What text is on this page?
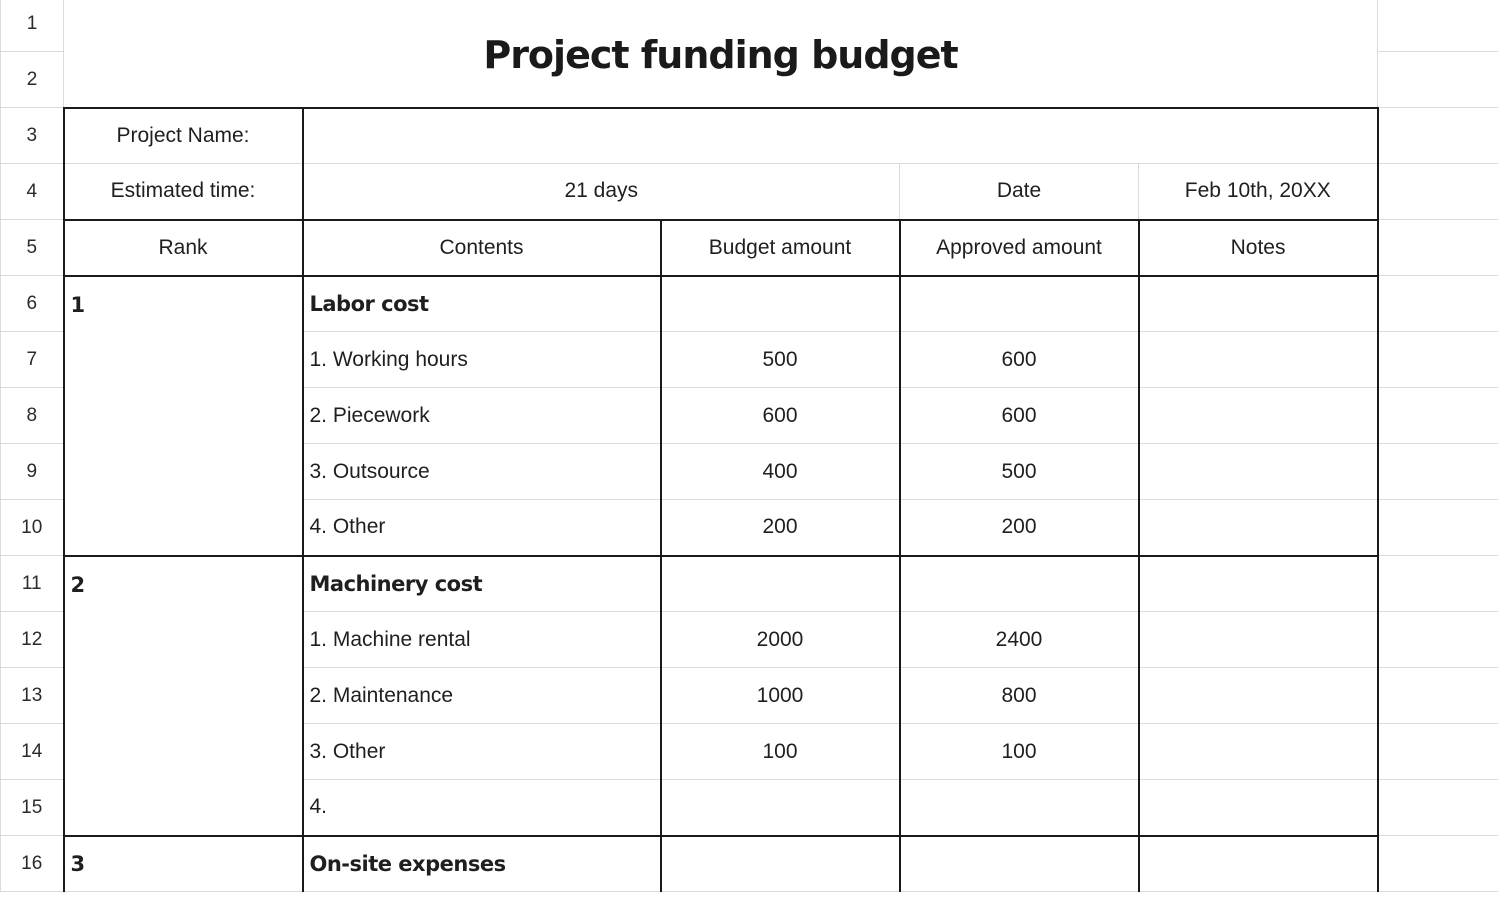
1	Project funding budget					
2						
3	Project Name:					
4	Estimated time:	21 days		Date	Feb 10th, 20XX	
5	Rank	Contents	Budget amount	Approved amount	Notes	
6	1	Labor cost				
7		1. Working hours	500	600		
8		2. Piecework	600	600		
9		3. Outsource	400	500		
10		4. Other	200	200		
11	2	Machinery cost				
12		1. Machine rental	2000	2400		
13		2. Maintenance	1000	800		
14		3. Other	100	100		
15		4.				
16	3	On-site expenses				
